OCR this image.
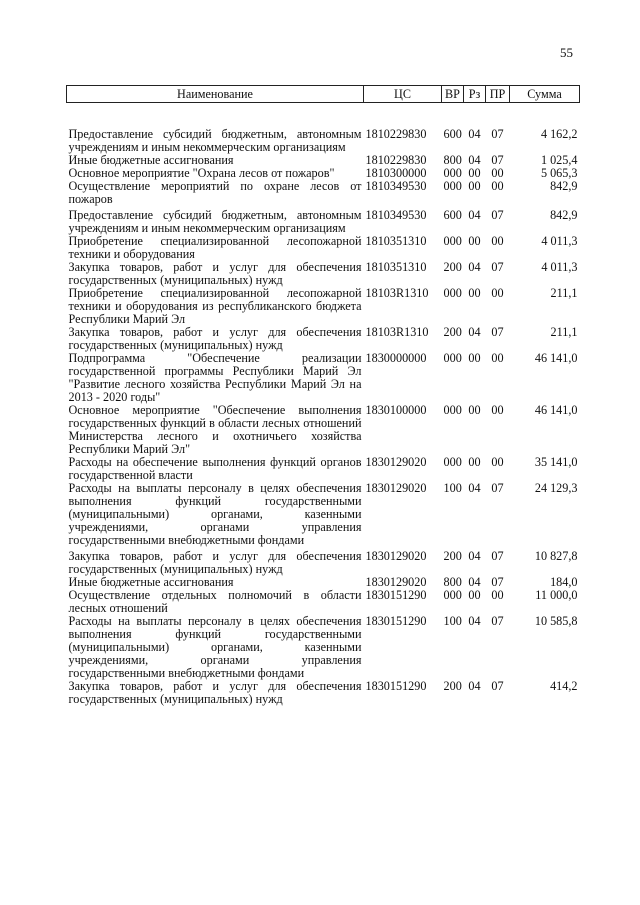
55
Наименование	ЦС	ВР	Рз	ПР	Сумма
Предоставление субсидий бюджетным, автономным учреждениям и иным некоммерческим организациям	1810229830	600	04	07	4 162,2
Иные бюджетные ассигнования	1810229830	800	04	07	1 025,4
Основное мероприятие "Охрана лесов от пожаров"	1810300000	000	00	00	5 065,3
Осуществление мероприятий по охране лесов от пожаров	1810349530	000	00	00	842,9
Предоставление субсидий бюджетным, автономным учреждениям и иным некоммерческим организациям	1810349530	600	04	07	842,9
Приобретение специализированной лесопожарной техники и оборудования	1810351310	000	00	00	4 011,3
Закупка товаров, работ и услуг для обеспечения государственных (муниципальных) нужд	1810351310	200	04	07	4 011,3
Приобретение специализированной лесопожарной техники и оборудования из республиканского бюджета Республики Марий Эл	18103R1310	000	00	00	211,1
Закупка товаров, работ и услуг для обеспечения государственных (муниципальных) нужд	18103R1310	200	04	07	211,1
Подпрограмма "Обеспечение реализации государственной программы Республики Марий Эл "Развитие лесного хозяйства Республики Марий Эл на 2013 - 2020 годы"	1830000000	000	00	00	46 141,0
Основное мероприятие "Обеспечение выполнения государственных функций в области лесных отношений Министерства лесного и охотничьего хозяйства Республики Марий Эл"	1830100000	000	00	00	46 141,0
Расходы на обеспечение выполнения функций органов государственной власти	1830129020	000	00	00	35 141,0
Расходы на выплаты персоналу в целях обеспечения выполнения функций государственными (муниципальными) органами, казенными учреждениями, органами управления государственными внебюджетными фондами	1830129020	100	04	07	24 129,3
Закупка товаров, работ и услуг для обеспечения государственных (муниципальных) нужд	1830129020	200	04	07	10 827,8
Иные бюджетные ассигнования	1830129020	800	04	07	184,0
Осуществление отдельных полномочий в области лесных отношений	1830151290	000	00	00	11 000,0
Расходы на выплаты персоналу в целях обеспечения выполнения функций государственными (муниципальными) органами, казенными учреждениями, органами управления государственными внебюджетными фондами	1830151290	100	04	07	10 585,8
Закупка товаров, работ и услуг для обеспечения государственных (муниципальных) нужд	1830151290	200	04	07	414,2
